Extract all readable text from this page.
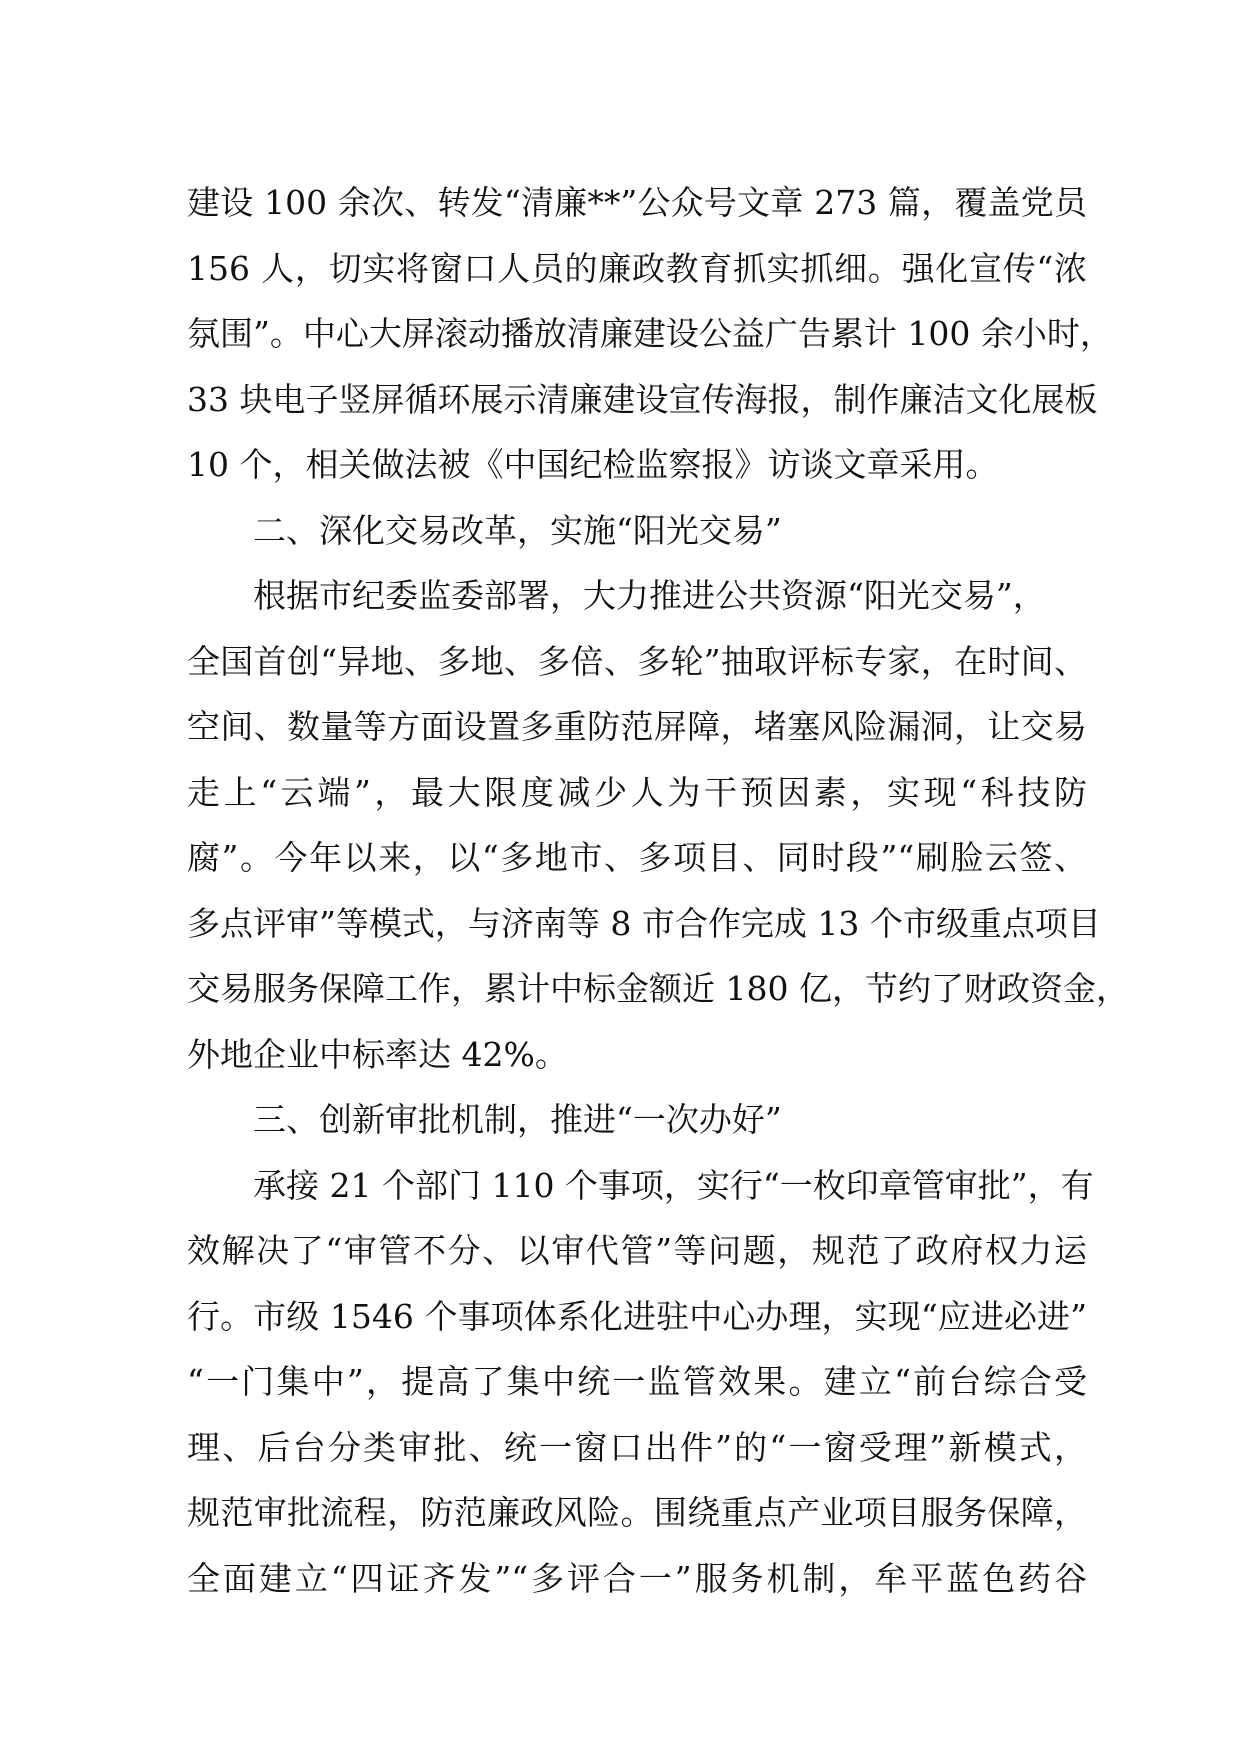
建设 100 余次、转发“清廉**”公众号文章 273 篇，覆盖党员
156 人，切实将窗口人员的廉政教育抓实抓细。强化宣传“浓
氛围”。中心大屏滚动播放清廉建设公益广告累计 100 余小时，
33 块电子竖屏循环展示清廉建设宣传海报，制作廉洁文化展板
10 个，相关做法被《中国纪检监察报》访谈文章采用。
二、深化交易改革，实施“阳光交易”
根据市纪委监委部署，大力推进公共资源“阳光交易”，
全国首创“异地、多地、多倍、多轮”抽取评标专家，在时间、
空间、数量等方面设置多重防范屏障，堵塞风险漏洞，让交易
走上“云端”，最大限度减少人为干预因素，实现“科技防
腐”。今年以来，以“多地市、多项目、同时段”“刷脸云签、
多点评审”等模式，与济南等 8 市合作完成 13 个市级重点项目
交易服务保障工作，累计中标金额近 180 亿，节约了财政资金，
外地企业中标率达 42%。
三、创新审批机制，推进“一次办好”
承接 21 个部门 110 个事项，实行“一枚印章管审批”，有
效解决了“审管不分、以审代管”等问题，规范了政府权力运
行。市级 1546 个事项体系化进驻中心办理，实现“应进必进”
“一门集中”，提高了集中统一监管效果。建立“前台综合受
理、后台分类审批、统一窗口出件”的“一窗受理”新模式，
规范审批流程，防范廉政风险。围绕重点产业项目服务保障，
全面建立“四证齐发”“多评合一”服务机制，牟平蓝色药谷
